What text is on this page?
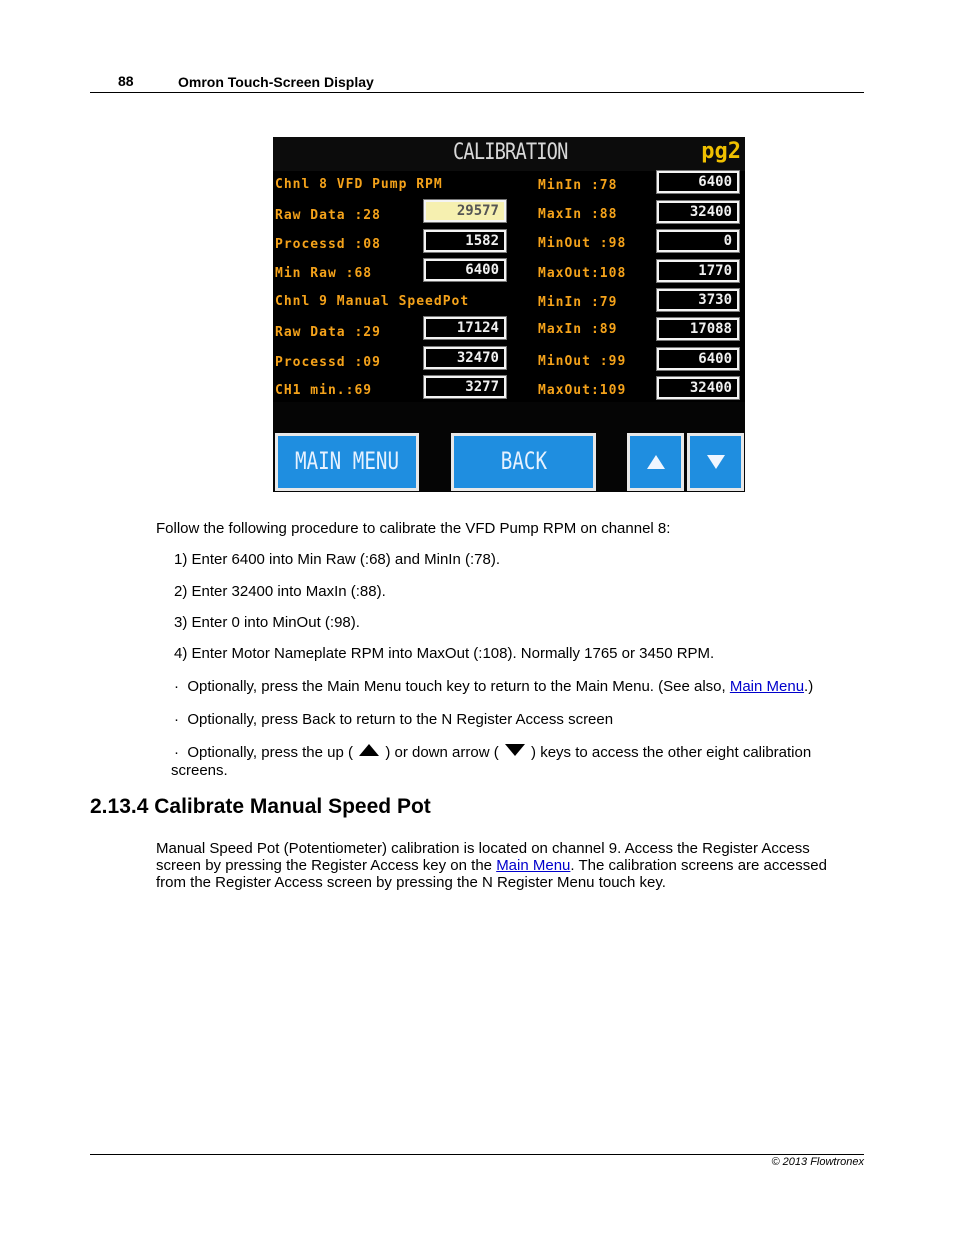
88	Omron Touch-Screen Display
CALIBRATION	pg2
Chnl 8 VFD Pump RPM	MinIn :78	6400
Raw Data :28	29577	MaxIn :88	32400
Processd :08	1582	MinOut :98	0
Min Raw :68	6400	MaxOut:108	1770
Chnl 9 Manual SpeedPot	MinIn :79	3730
Raw Data :29	17124	MaxIn :89	17088
Processd :09	32470	MinOut :99	6400
CH1 min.:69	3277	MaxOut:109	32400
MAIN MENU	BACK
Follow the following procedure to calibrate the VFD Pump RPM on channel 8:
1) Enter 6400 into Min Raw (:68) and MinIn (:78).
2) Enter 32400 into MaxIn (:88).
3) Enter 0 into MinOut (:98).
4) Enter Motor Nameplate RPM into MaxOut (:108). Normally 1765 or 3450 RPM.
· Optionally, press the Main Menu touch key to return to the Main Menu. (See also, Main Menu.)
· Optionally, press Back to return to the N Register Access screen
· Optionally, press the up ( ) or down arrow ( ) keys to access the other eight calibration
screens.
2.13.4 Calibrate Manual Speed Pot
Manual Speed Pot (Potentiometer) calibration is located on channel 9. Access the Register Access
screen by pressing the Register Access key on the Main Menu. The calibration screens are accessed
from the Register Access screen by pressing the N Register Menu touch key.
© 2013 Flowtronex
